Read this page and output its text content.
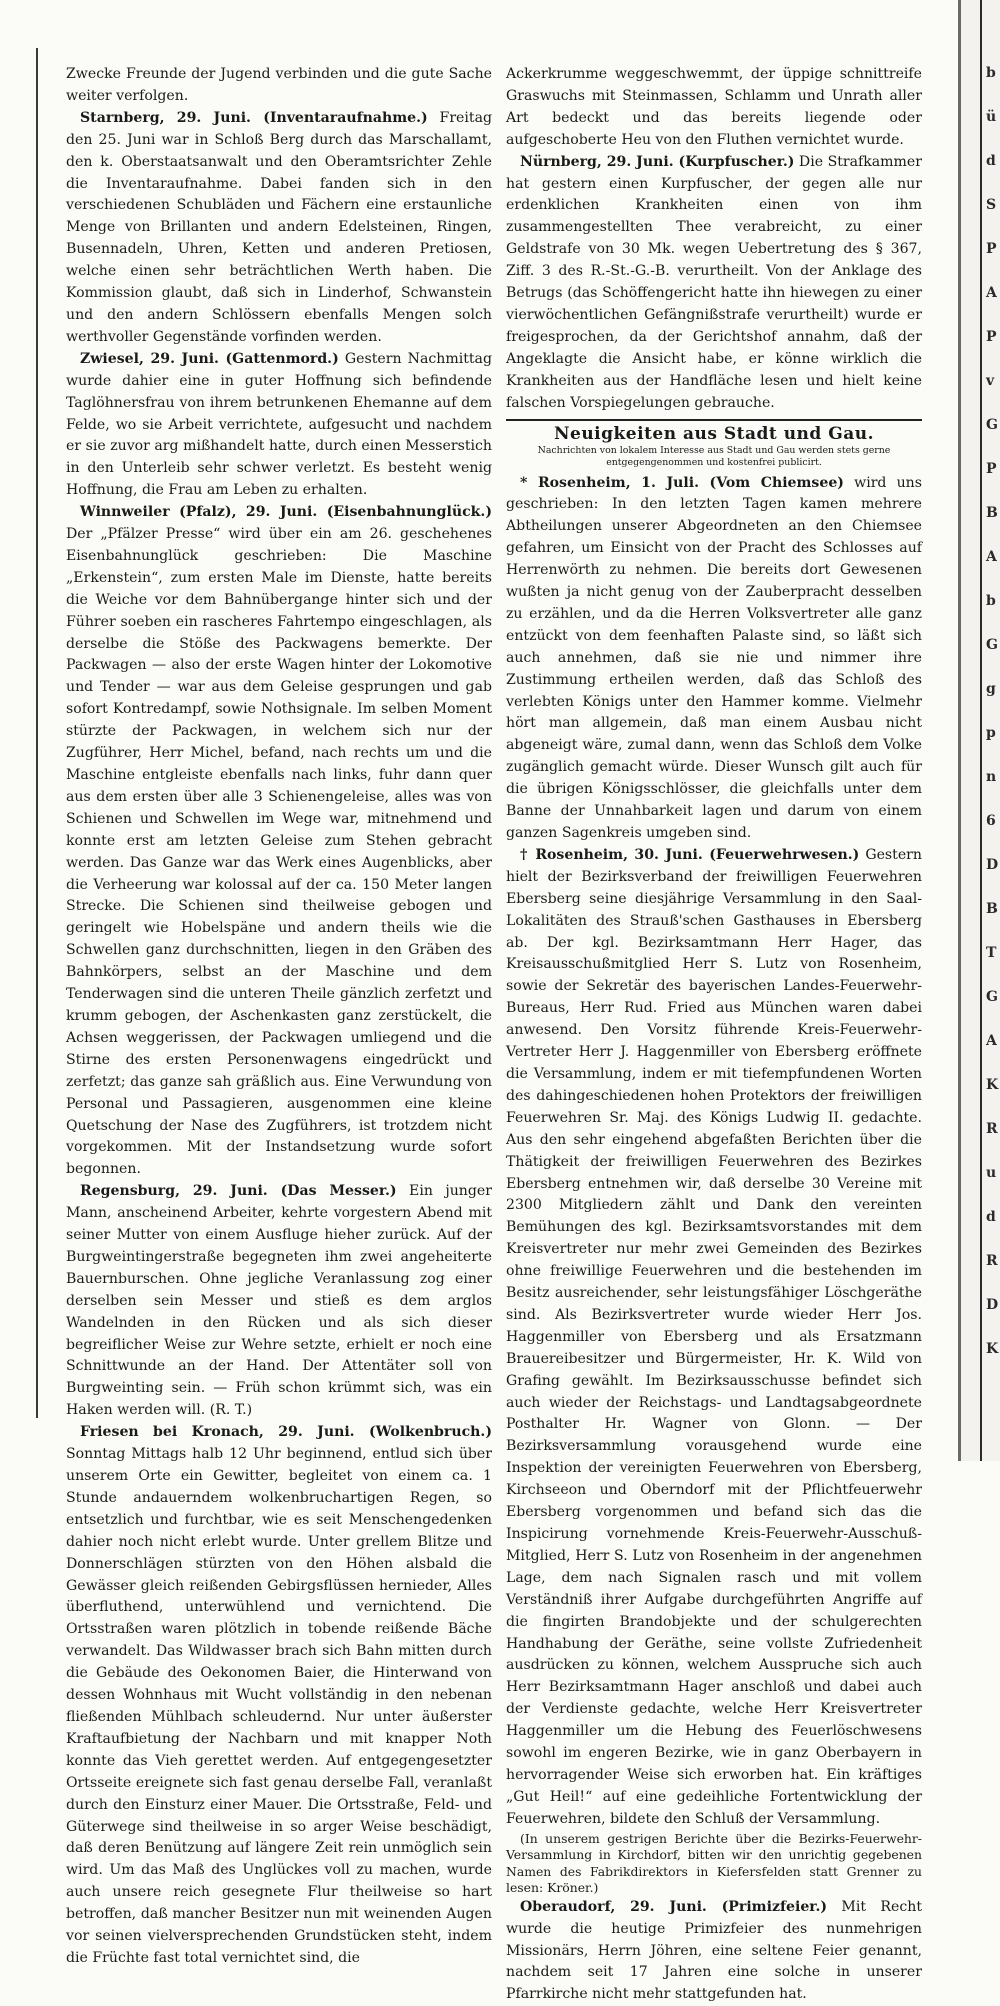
Zwecke Freunde der Jugend verbinden und die gute Sache weiter verfolgen.

Starnberg, 29. Juni. (Inventaraufnahme.) Freitag den 25. Juni war in Schloß Berg durch das Marschallamt, den k. Oberstaatsanwalt und den Oberamtsrichter Zehle die Inventaraufnahme. Dabei fanden sich in den verschiedenen Schubläden und Fächern eine erstaunliche Menge von Brillanten und andern Edelsteinen, Ringen, Busennadeln, Uhren, Ketten und anderen Pretiosen, welche einen sehr beträchtlichen Werth haben. Die Kommission glaubt, daß sich in Linderhof, Schwanstein und den andern Schlössern ebenfalls Mengen solch werthvoller Gegenstände vorfinden werden.

Zwiesel, 29. Juni. (Gattenmord.) Gestern Nachmittag wurde dahier eine in guter Hoffnung sich befindende Taglöhnersfrau von ihrem betrunkenen Ehemanne auf dem Felde, wo sie Arbeit verrichtete, aufgesucht und nachdem er sie zuvor arg mißhandelt hatte, durch einen Messerstich in den Unterleib sehr schwer verletzt. Es besteht wenig Hoffnung, die Frau am Leben zu erhalten.

Winnweiler (Pfalz), 29. Juni. (Eisenbahnunglück.) Der „Pfälzer Presse“ wird über ein am 26. geschehenes Eisenbahnunglück geschrieben: Die Maschine „Erkenstein“, zum ersten Male im Dienste, hatte bereits die Weiche vor dem Bahnübergange hinter sich und der Führer soeben ein rascheres Fahrtempo eingeschlagen, als derselbe die Stöße des Packwagens bemerkte. Der Packwagen — also der erste Wagen hinter der Lokomotive und Tender — war aus dem Geleise gesprungen und gab sofort Kontredampf, sowie Nothsignale. Im selben Moment stürzte der Packwagen, in welchem sich nur der Zugführer, Herr Michel, befand, nach rechts um und die Maschine entgleiste ebenfalls nach links, fuhr dann quer aus dem ersten über alle 3 Schienengeleise, alles was von Schienen und Schwellen im Wege war, mitnehmend und konnte erst am letzten Geleise zum Stehen gebracht werden. Das Ganze war das Werk eines Augenblicks, aber die Verheerung war kolossal auf der ca. 150 Meter langen Strecke. Die Schienen sind theilweise gebogen und geringelt wie Hobelspäne und andern theils wie die Schwellen ganz durchschnitten, liegen in den Gräben des Bahnkörpers, selbst an der Maschine und dem Tenderwagen sind die unteren Theile gänzlich zerfetzt und krumm gebogen, der Aschenkasten ganz zerstückelt, die Achsen weggerissen, der Packwagen umliegend und die Stirne des ersten Personenwagens eingedrückt und zerfetzt; das ganze sah gräßlich aus. Eine Verwundung von Personal und Passagieren, ausgenommen eine kleine Quetschung der Nase des Zugführers, ist trotzdem nicht vorgekommen. Mit der Instandsetzung wurde sofort begonnen.

Regensburg, 29. Juni. (Das Messer.) Ein junger Mann, anscheinend Arbeiter, kehrte vorgestern Abend mit seiner Mutter von einem Ausfluge hieher zurück. Auf der Burgweintingerstraße begegneten ihm zwei angeheiterte Bauernburschen. Ohne jegliche Veranlassung zog einer derselben sein Messer und stieß es dem arglos Wandelnden in den Rücken und als sich dieser begreiflicher Weise zur Wehre setzte, erhielt er noch eine Schnittwunde an der Hand. Der Attentäter soll von Burgweinting sein. — Früh schon krümmt sich, was ein Haken werden will. (R. T.)

Friesen bei Kronach, 29. Juni. (Wolkenbruch.) Sonntag Mittags halb 12 Uhr beginnend, entlud sich über unserem Orte ein Gewitter, begleitet von einem ca. 1 Stunde andauerndem wolkenbruchartigen Regen, so entsetzlich und furchtbar, wie es seit Menschengedenken dahier noch nicht erlebt wurde. Unter grellem Blitze und Donnerschlägen stürzten von den Höhen alsbald die Gewässer gleich reißenden Gebirgsflüssen hernieder, Alles überfluthend, unterwühlend und vernichtend. Die Ortsstraßen waren plötzlich in tobende reißende Bäche verwandelt. Das Wildwasser brach sich Bahn mitten durch die Gebäude des Oekonomen Baier, die Hinterwand von dessen Wohnhaus mit Wucht vollständig in den nebenan fließenden Mühlbach schleudernd. Nur unter äußerster Kraftaufbietung der Nachbarn und mit knapper Noth konnte das Vieh gerettet werden. Auf entgegengesetzter Ortsseite ereignete sich fast genau derselbe Fall, veranlaßt durch den Einsturz einer Mauer. Die Ortsstraße, Feld- und Güterwege sind theilweise in so arger Weise beschädigt, daß deren Benützung auf längere Zeit rein unmöglich sein wird. Um das Maß des Unglückes voll zu machen, wurde auch unsere reich gesegnete Flur theilweise so hart betroffen, daß mancher Besitzer nun mit weinenden Augen vor seinen vielversprechenden Grundstücken steht, indem die Früchte fast total vernichtet sind, die

Ackerkrumme weggeschwemmt, der üppige schnittreife Graswuchs mit Steinmassen, Schlamm und Unrath aller Art bedeckt und das bereits liegende oder aufgeschoberte Heu von den Fluthen vernichtet wurde.

Nürnberg, 29. Juni. (Kurpfuscher.) Die Strafkammer hat gestern einen Kurpfuscher, der gegen alle nur erdenklichen Krankheiten einen von ihm zusammengestellten Thee verabreicht, zu einer Geldstrafe von 30 Mk. wegen Uebertretung des § 367, Ziff. 3 des R.-St.-G.-B. verurtheilt. Von der Anklage des Betrugs (das Schöffengericht hatte ihn hiewegen zu einer vierwöchentlichen Gefängnißstrafe verurtheilt) wurde er freigesprochen, da der Gerichtshof annahm, daß der Angeklagte die Ansicht habe, er könne wirklich die Krankheiten aus der Handfläche lesen und hielt keine falschen Vorspiegelungen gebrauche.

Neuigkeiten aus Stadt und Gau.

Nachrichten von lokalem Interesse aus Stadt und Gau werden stets gerne entgegengenommen und kostenfrei publicirt.

* Rosenheim, 1. Juli. (Vom Chiemsee) wird uns geschrieben: In den letzten Tagen kamen mehrere Abtheilungen unserer Abgeordneten an den Chiemsee gefahren, um Einsicht von der Pracht des Schlosses auf Herrenwörth zu nehmen. Die bereits dort Gewesenen wußten ja nicht genug von der Zauberpracht desselben zu erzählen, und da die Herren Volksvertreter alle ganz entzückt von dem feenhaften Palaste sind, so läßt sich auch annehmen, daß sie nie und nimmer ihre Zustimmung ertheilen werden, daß das Schloß des verlebten Königs unter den Hammer komme. Vielmehr hört man allgemein, daß man einem Ausbau nicht abgeneigt wäre, zumal dann, wenn das Schloß dem Volke zugänglich gemacht würde. Dieser Wunsch gilt auch für die übrigen Königsschlösser, die gleichfalls unter dem Banne der Unnahbarkeit lagen und darum von einem ganzen Sagenkreis umgeben sind.

† Rosenheim, 30. Juni. (Feuerwehrwesen.) Gestern hielt der Bezirksverband der freiwilligen Feuerwehren Ebersberg seine diesjährige Versammlung in den Saal-Lokalitäten des Strauß'schen Gasthauses in Ebersberg ab. Der kgl. Bezirksamtmann Herr Hager, das Kreisausschußmitglied Herr S. Lutz von Rosenheim, sowie der Sekretär des bayerischen Landes-Feuerwehr-Bureaus, Herr Rud. Fried aus München waren dabei anwesend. Den Vorsitz führende Kreis-Feuerwehr-Vertreter Herr J. Haggenmiller von Ebersberg eröffnete die Versammlung, indem er mit tiefempfundenen Worten des dahingeschiedenen hohen Protektors der freiwilligen Feuerwehren Sr. Maj. des Königs Ludwig II. gedachte. Aus den sehr eingehend abgefaßten Berichten über die Thätigkeit der freiwilligen Feuerwehren des Bezirkes Ebersberg entnehmen wir, daß derselbe 30 Vereine mit 2300 Mitgliedern zählt und Dank den vereinten Bemühungen des kgl. Bezirksamtsvorstandes mit dem Kreisvertreter nur mehr zwei Gemeinden des Bezirkes ohne freiwillige Feuerwehren und die bestehenden im Besitz ausreichender, sehr leistungsfähiger Löschgeräthe sind. Als Bezirksvertreter wurde wieder Herr Jos. Haggenmiller von Ebersberg und als Ersatzmann Brauereibesitzer und Bürgermeister, Hr. K. Wild von Grafing gewählt. Im Bezirksausschusse befindet sich auch wieder der Reichstags- und Landtagsabgeordnete Posthalter Hr. Wagner von Glonn. — Der Bezirksversammlung vorausgehend wurde eine Inspektion der vereinigten Feuerwehren von Ebersberg, Kirchseeon und Oberndorf mit der Pflichtfeuerwehr Ebersberg vorgenommen und befand sich das die Inspicirung vornehmende Kreis-Feuerwehr-Ausschuß-Mitglied, Herr S. Lutz von Rosenheim in der angenehmen Lage, dem nach Signalen rasch und mit vollem Verständniß ihrer Aufgabe durchgeführten Angriffe auf die fingirten Brandobjekte und der schulgerechten Handhabung der Geräthe, seine vollste Zufriedenheit ausdrücken zu können, welchem Ausspruche sich auch Herr Bezirksamtmann Hager anschloß und dabei auch der Verdienste gedachte, welche Herr Kreisvertreter Haggenmiller um die Hebung des Feuerlöschwesens sowohl im engeren Bezirke, wie in ganz Oberbayern in hervorragender Weise sich erworben hat. Ein kräftiges „Gut Heil!“ auf eine gedeihliche Fortentwicklung der Feuerwehren, bildete den Schluß der Versammlung.

(In unserem gestrigen Berichte über die Bezirks-Feuerwehr-Versammlung in Kirchdorf, bitten wir den unrichtig gegebenen Namen des Fabrikdirektors in Kiefersfelden statt Grenner zu lesen: Kröner.)

Oberaudorf, 29. Juni. (Primizfeier.) Mit Recht wurde die heutige Primizfeier des nunmehrigen Missionärs, Herrn Jöhren, eine seltene Feier genannt, nachdem seit 17 Jahren eine solche in unserer Pfarrkirche nicht mehr stattgefunden hat.

b
ü
d
S
P
A
P
v
G
P
B
A
b
G
g
p
n
6
D
B
T
G
A
K
R
u
d
R
D
K
